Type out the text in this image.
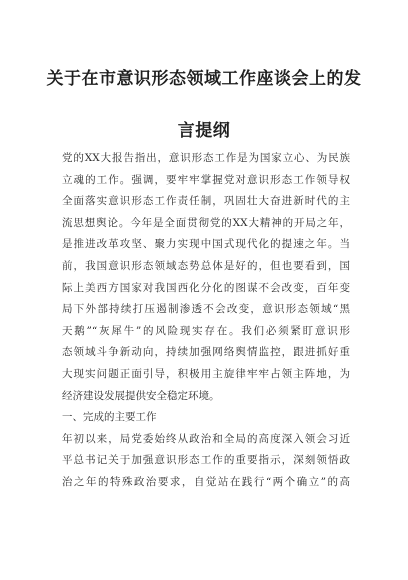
关于在市意识形态领域工作座谈会上的发
言提纲

党的XX大报告指出，意识形态工作是为国家立心、为民族

立魂的工作。强调，要牢牢掌握党对意识形态工作领导权

全面落实意识形态工作责任制，巩固壮大奋进新时代的主

流思想舆论。今年是全面贯彻党的XX大精神的开局之年，

是推进改革攻坚、聚力实现中国式现代化的提速之年。当

前，我国意识形态领域态势总体是好的，但也要看到，国

际上美西方国家对我国西化分化的图谋不会改变，百年变

局下外部持续打压遏制渗透不会改变，意识形态领域“黑

天鹅”“灰犀牛”的风险现实存在。我们必须紧盯意识形

态领域斗争新动向，持续加强网络舆情监控，跟进抓好重

大现实问题正面引导，积极用主旋律牢牢占领主阵地，为

经济建设发展提供安全稳定环境。

一、完成的主要工作

年初以来，局党委始终从政治和全局的高度深入领会习近

平总书记关于加强意识形态工作的重要指示，深刻领悟政

治之年的特殊政治要求，自觉站在践行“两个确立”的高
